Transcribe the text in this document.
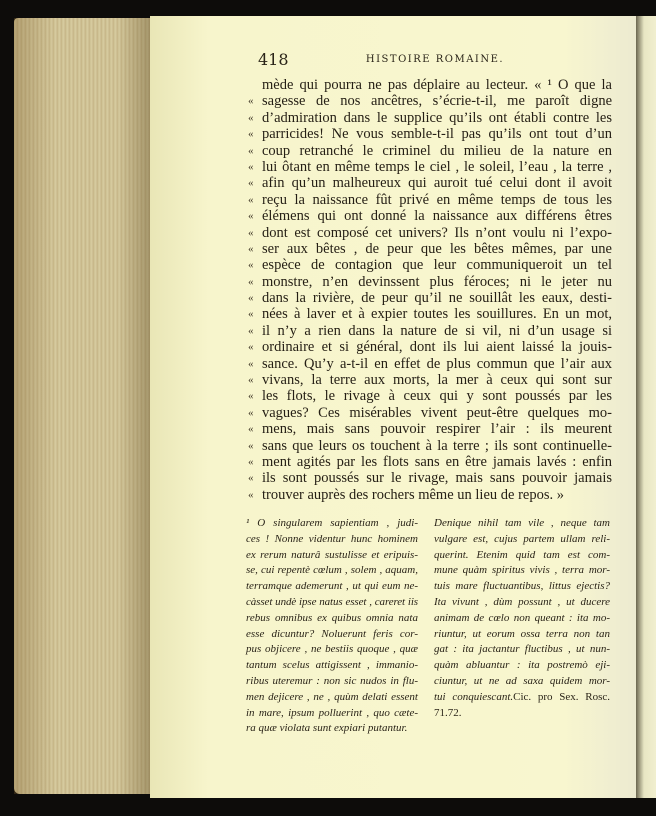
418	HISTOIRE ROMAINE.
mède qui pourra ne pas déplaire au lecteur. « ¹ O que la
« sagesse de nos ancêtres, s’écrie-t-il, me paroît digne
« d’admiration dans le supplice qu’ils ont établi contre les
« parricides! Ne vous semble-t-il pas qu’ils ont tout d’un
« coup retranché le criminel du milieu de la nature en
« lui ôtant en même temps le ciel , le soleil, l’eau , la terre ,
« afin qu’un malheureux qui auroit tué celui dont il avoit
« reçu la naissance fût privé en même temps de tous les
« élémens qui ont donné la naissance aux différens êtres
« dont est composé cet univers? Ils n’ont voulu ni l’expo-
« ser aux bêtes , de peur que les bêtes mêmes, par une
« espèce de contagion que leur communiqueroit un tel
« monstre, n’en devinssent plus féroces; ni le jeter nu
« dans la rivière, de peur qu’il ne souillât les eaux, desti-
« nées à laver et à expier toutes les souillures. En un mot,
« il n’y a rien dans la nature de si vil, ni d’un usage si
« ordinaire et si général, dont ils lui aient laissé la jouis-
« sance. Qu’y a-t-il en effet de plus commun que l’air aux
« vivans, la terre aux morts, la mer à ceux qui sont sur
« les flots, le rivage à ceux qui y sont poussés par les
« vagues? Ces misérables vivent peut-être quelques mo-
« mens, mais sans pouvoir respirer l’air : ils meurent
« sans que leurs os touchent à la terre ; ils sont continuelle-
« ment agités par les flots sans en être jamais lavés : enfin
« ils sont poussés sur le rivage, mais sans pouvoir jamais
« trouver auprès des rochers même un lieu de repos. »
¹ O singularem sapientiam , judi-
ces ! Nonne videntur hunc hominem
ex rerum naturâ sustulisse et eripuis-
se, cui repentè cœlum , solem , aquam,
terramque ademerunt , ut qui eum ne-
càsset undè ipse natus esset , careret iis
rebus omnibus ex quibus omnia nata
esse dicuntur? Noluerunt feris cor-
pus objicere , ne bestiis quoque , quæ
tantum scelus attigissent , immanio-
ribus uteremur : non sic nudos in flu-
men dejicere , ne , quùm delati essent
in mare, ipsum polluerint , quo cæte-
ra quæ violata sunt expiari putantur.
Denique nihil tam vile , neque tam
vulgare est, cujus partem ullam reli-
querint. Etenim quid tam est com-
mune quàm spiritus vivis , terra mor-
tuis mare fluctuantibus, littus ejectis?
Ita vivunt , dùm possunt , ut ducere
animam de cœlo non queant : ita mo-
riuntur, ut eorum ossa terra non tan
gat : ita jactantur fluctibus , ut nun-
quàm abluantur : ita postremò eji-
ciuntur, ut ne ad saxa quidem mor-
tui conquiescant.Cic. pro Sex. Rosc.
71.72.
